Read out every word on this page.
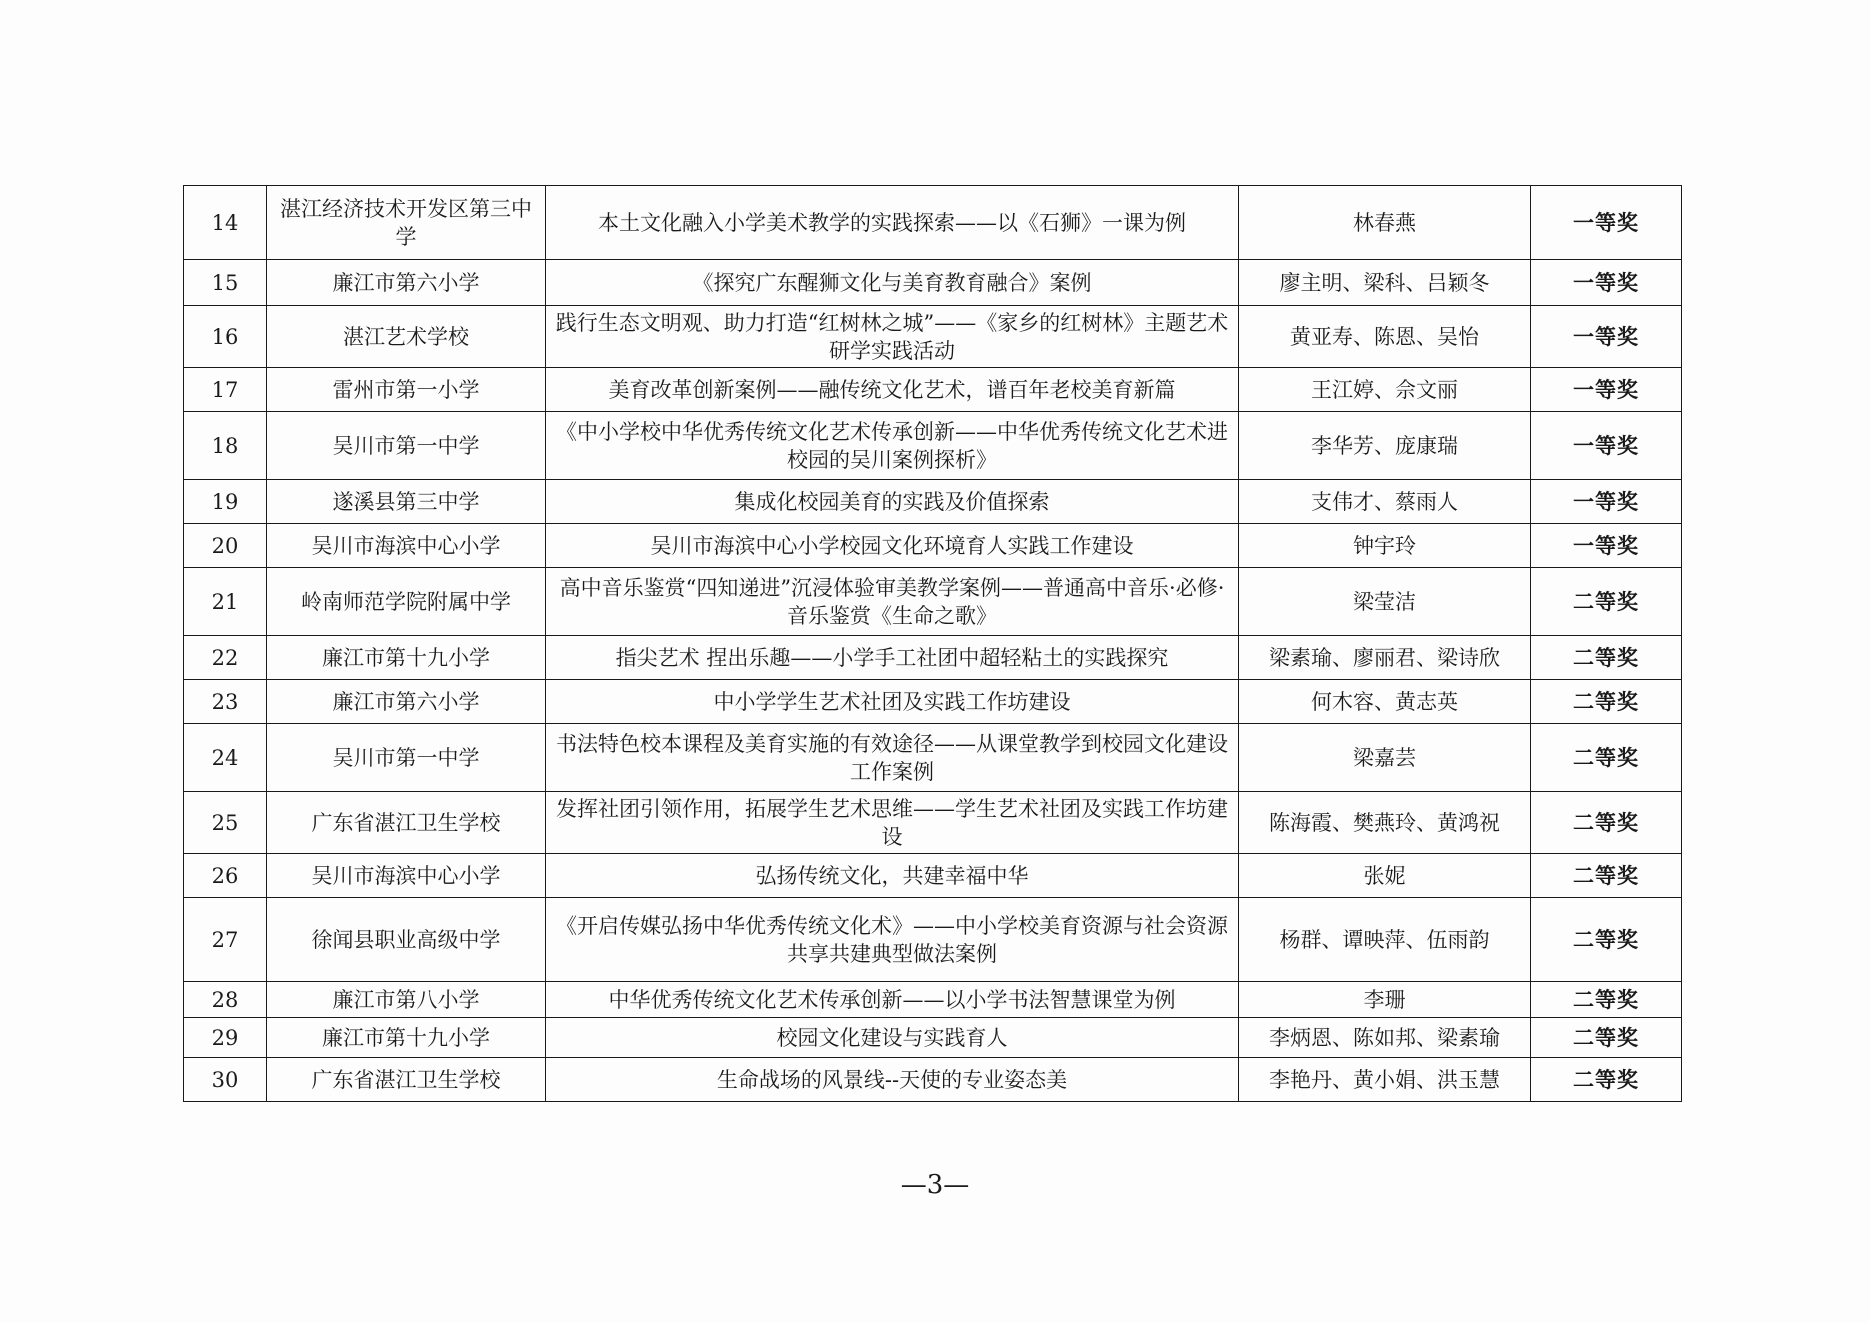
14	湛江经济技术开发区第三中学	本土文化融入小学美术教学的实践探索——以《石狮》一课为例	林春燕	一等奖
15	廉江市第六小学	《探究广东醒狮文化与美育教育融合》案例	廖主明、梁科、吕颖冬	一等奖
16	湛江艺术学校	践行生态文明观、助力打造“红树林之城”——《家乡的红树林》主题艺术研学实践活动	黄亚寿、陈恩、吴怡	一等奖
17	雷州市第一小学	美育改革创新案例——融传统文化艺术，谱百年老校美育新篇	王江婷、佘文丽	一等奖
18	吴川市第一中学	《中小学校中华优秀传统文化艺术传承创新——中华优秀传统文化艺术进校园的吴川案例探析》	李华芳、庞康瑞	一等奖
19	遂溪县第三中学	集成化校园美育的实践及价值探索	支伟才、蔡雨人	一等奖
20	吴川市海滨中心小学	吴川市海滨中心小学校园文化环境育人实践工作建设	钟宇玲	一等奖
21	岭南师范学院附属中学	高中音乐鉴赏“四知递进”沉浸体验审美教学案例——普通高中音乐·必修·音乐鉴赏《生命之歌》	梁莹洁	二等奖
22	廉江市第十九小学	指尖艺术 捏出乐趣——小学手工社团中超轻粘土的实践探究	梁素瑜、廖丽君、梁诗欣	二等奖
23	廉江市第六小学	中小学学生艺术社团及实践工作坊建设	何木容、黄志英	二等奖
24	吴川市第一中学	书法特色校本课程及美育实施的有效途径——从课堂教学到校园文化建设工作案例	梁嘉芸	二等奖
25	广东省湛江卫生学校	发挥社团引领作用，拓展学生艺术思维——学生艺术社团及实践工作坊建设	陈海霞、樊燕玲、黄鸿祝	二等奖
26	吴川市海滨中心小学	弘扬传统文化，共建幸福中华	张妮	二等奖
27	徐闻县职业高级中学	《开启传媒弘扬中华优秀传统文化术》——中小学校美育资源与社会资源共享共建典型做法案例	杨群、谭映萍、伍雨韵	二等奖
28	廉江市第八小学	中华优秀传统文化艺术传承创新——以小学书法智慧课堂为例	李珊	二等奖
29	廉江市第十九小学	校园文化建设与实践育人	李炳恩、陈如邦、梁素瑜	二等奖
30	广东省湛江卫生学校	生命战场的风景线--天使的专业姿态美	李艳丹、黄小娟、洪玉慧	二等奖
—3—
